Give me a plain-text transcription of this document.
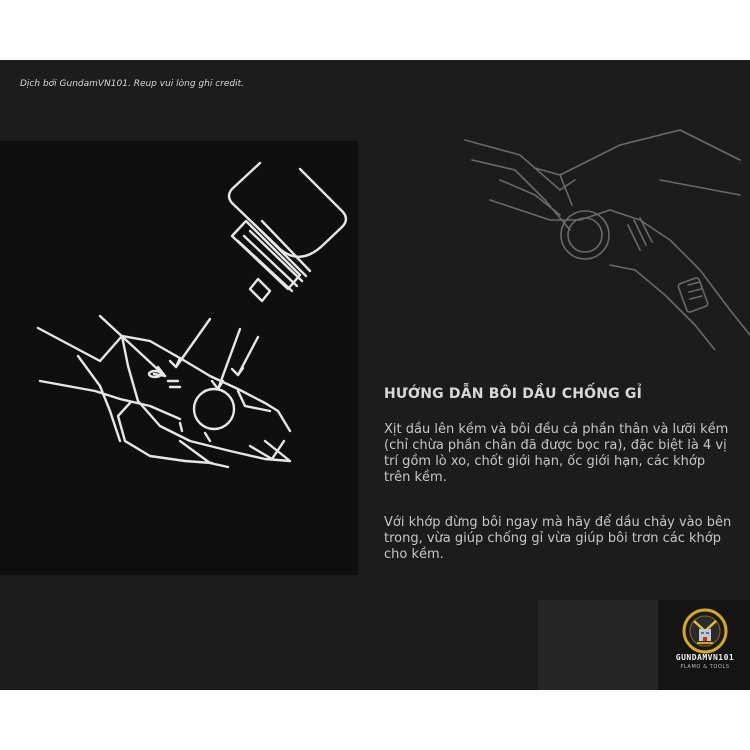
Dịch bởi GundamVN101. Reup vui lòng ghi credit.
HƯỚNG DẪN BÔI DẦU CHỐNG GỈ
Xịt dầu lên kềm và bôi đều cả phần thân và lưỡi kềm (chỉ chừa phần chân đã được bọc ra), đặc biệt là 4 vị trí gồm lò xo, chốt giới hạn, ốc giới hạn, các khớp trên kềm.
Với khớp đừng bôi ngay mà hãy để dầu chảy vào bên trong, vừa giúp chống gỉ vừa giúp bôi trơn các khớp cho kềm.
GUNDAMVN101
PLAMO & TOOLS
